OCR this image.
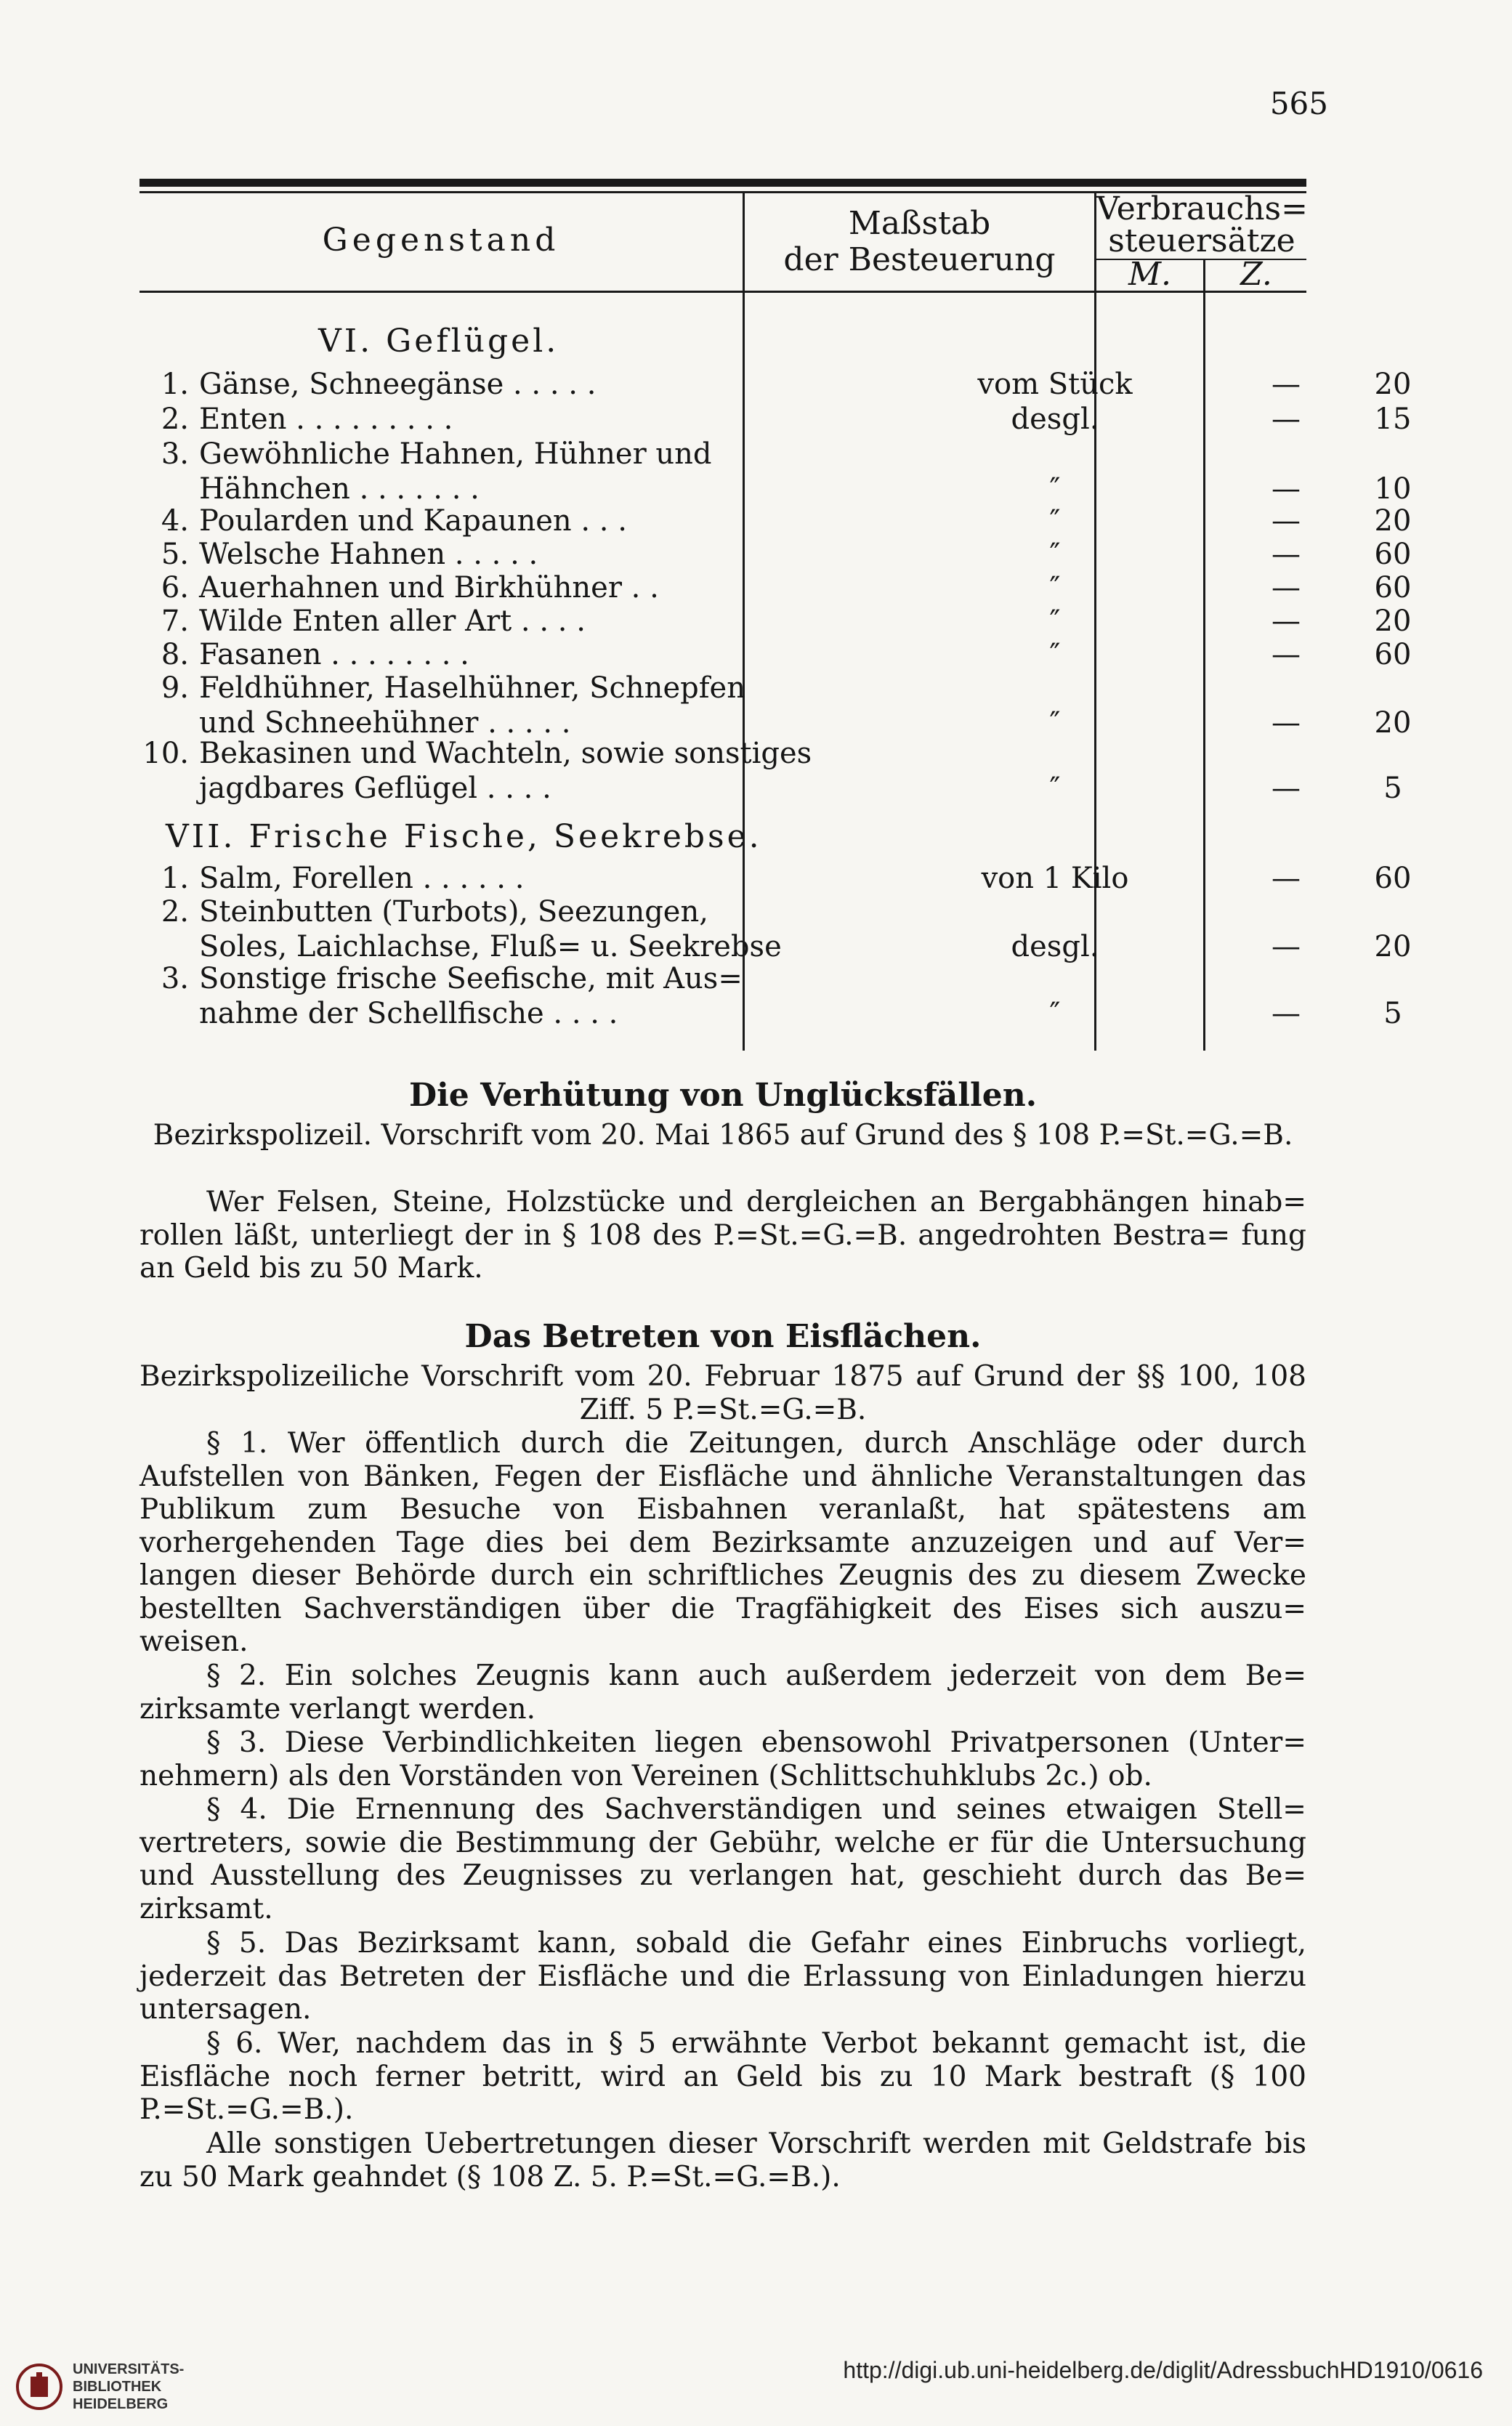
565
Gegenstand	Maßstab
der Besteuerung
Verbrauchs=
steuersätze
M.	Z.
VI. Geflügel.
1. Gänse, Schneegänse . . . . .	vom Stück	—	20
2. Enten . . . . . . . . .	desgl.	—	15
3. Gewöhnliche Hahnen, Hühner und
Hähnchen . . . . . . .	″	—	10
4. Poularden und Kapaunen . . .	″	—	20
5. Welsche Hahnen . . . . .	″	—	60
6. Auerhahnen und Birkhühner . .	″	—	60
7. Wilde Enten aller Art . . . .	″	—	20
8. Fasanen . . . . . . . .	″	—	60
9. Feldhühner, Haselhühner, Schnepfen
und Schneehühner . . . . .	″	—	20
10. Bekasinen und Wachteln, sowie sonstiges
jagdbares Geflügel . . . .	″	—	5
VII. Frische Fische, Seekrebse.
1. Salm, Forellen . . . . . .	von 1 Kilo	—	60
2. Steinbutten (Turbots), Seezungen,
Soles, Laichlachse, Fluß= u. Seekrebse	desgl.	—	20
3. Sonstige frische Seefische, mit Aus=
nahme der Schellfische . . . .	″	—	5
Die Verhütung von Unglücksfällen.
Bezirkspolizeil. Vorschrift vom 20. Mai 1865 auf Grund des § 108 P.=St.=G.=B.
Wer Felsen, Steine, Holzstücke und dergleichen an Bergabhängen hinab= rollen läßt, unterliegt der in § 108 des P.=St.=G.=B. angedrohten Bestra= fung an Geld bis zu 50 Mark.
Das Betreten von Eisflächen.
Bezirkspolizeiliche Vorschrift vom 20. Februar 1875 auf Grund der §§ 100, 108 Ziff. 5 P.=St.=G.=B.
§ 1. Wer öffentlich durch die Zeitungen, durch Anschläge oder durch Aufstellen von Bänken, Fegen der Eisfläche und ähnliche Veranstaltungen das Publikum zum Besuche von Eisbahnen veranlaßt, hat spätestens am vorhergehenden Tage dies bei dem Bezirksamte anzuzeigen und auf Ver= langen dieser Behörde durch ein schriftliches Zeugnis des zu diesem Zwecke bestellten Sachverständigen über die Tragfähigkeit des Eises sich auszu= weisen.
§ 2. Ein solches Zeugnis kann auch außerdem jederzeit von dem Be= zirksamte verlangt werden.
§ 3. Diese Verbindlichkeiten liegen ebensowohl Privatpersonen (Unter= nehmern) als den Vorständen von Vereinen (Schlittschuhklubs 2c.) ob.
§ 4. Die Ernennung des Sachverständigen und seines etwaigen Stell= vertreters, sowie die Bestimmung der Gebühr, welche er für die Untersuchung und Ausstellung des Zeugnisses zu verlangen hat, geschieht durch das Be= zirksamt.
§ 5. Das Bezirksamt kann, sobald die Gefahr eines Einbruchs vorliegt, jederzeit das Betreten der Eisfläche und die Erlassung von Einladungen hierzu untersagen.
§ 6. Wer, nachdem das in § 5 erwähnte Verbot bekannt gemacht ist, die Eisfläche noch ferner betritt, wird an Geld bis zu 10 Mark bestraft (§ 100 P.=St.=G.=B.).
Alle sonstigen Uebertretungen dieser Vorschrift werden mit Geldstrafe bis zu 50 Mark geahndet (§ 108 Z. 5. P.=St.=G.=B.).
UNIVERSITÄTS-
BIBLIOTHEK
HEIDELBERG
http://digi.ub.uni-heidelberg.de/diglit/AdressbuchHD1910/0616
